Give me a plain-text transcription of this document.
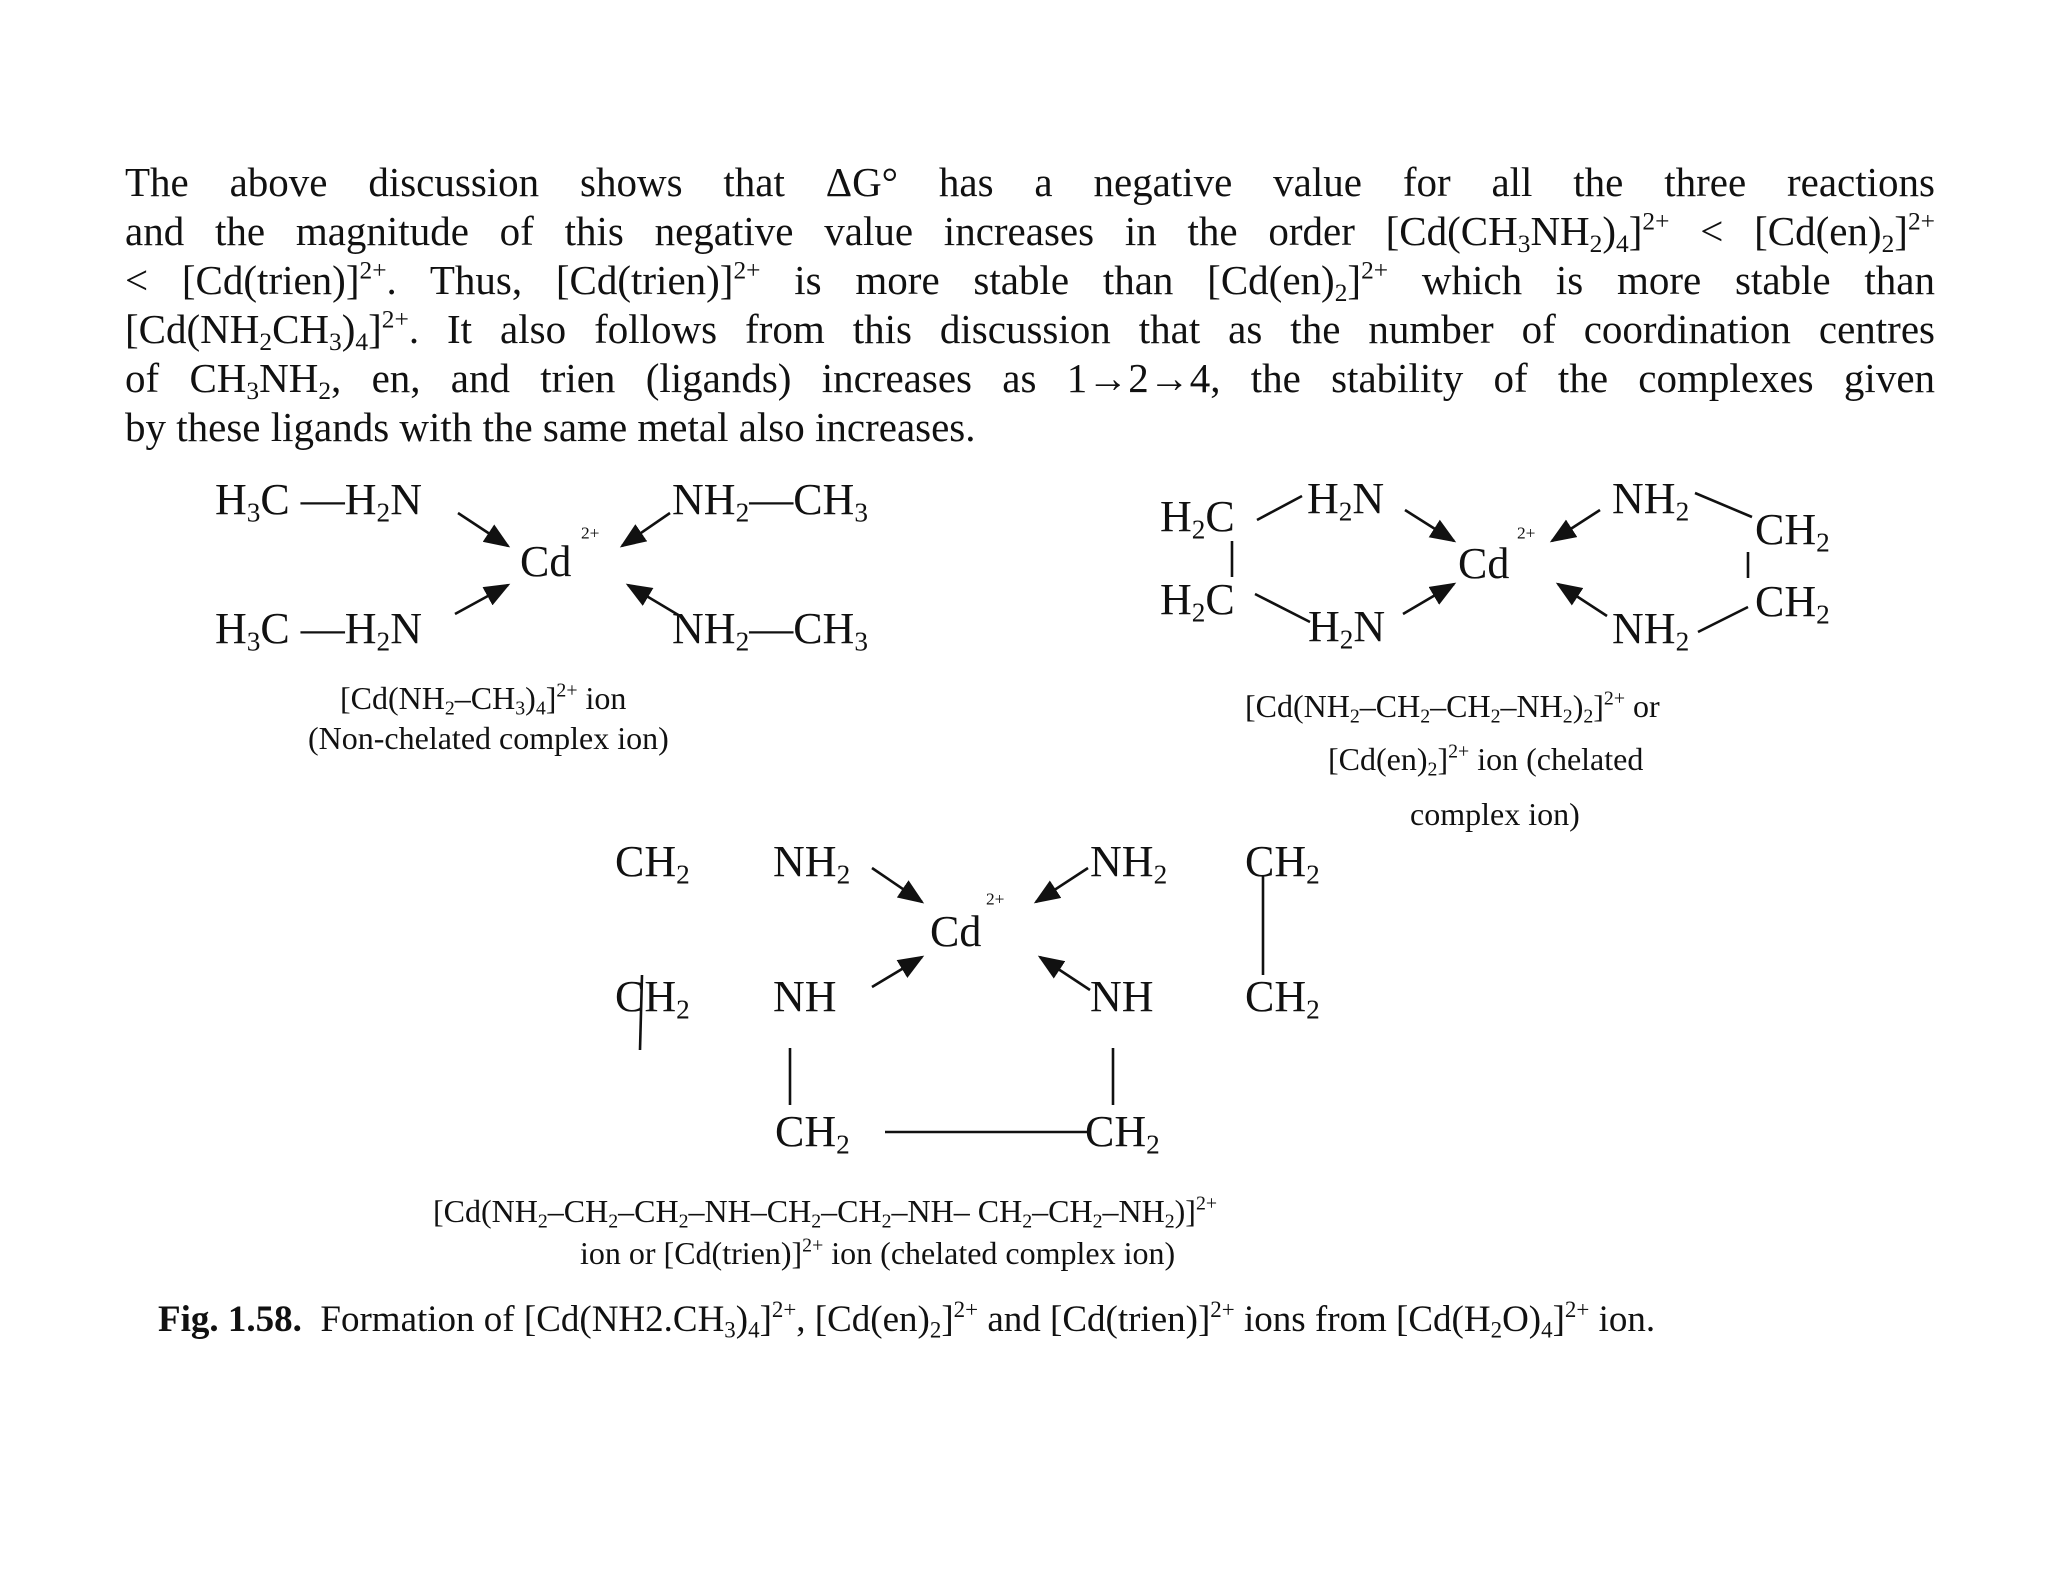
The above discussion shows that ΔG° has a negative value for all the three reactions
and the magnitude of this negative value increases in the order $[Cd(CH_3NH_2)_4]^{2+} < [Cd(en)_2]^{2+}$
< [Cd(trien)]$^{2+}$. Thus, [Cd(trien)]$^{2+}$ is more stable than $[Cd(en)_2]^{2+}$ which is more stable than
$[Cd(NH_2CH_3)_4]^{2+}$. It also follows from this discussion that as the number of coordination centres
of $CH_3NH_2$, en, and trien (ligands) increases as 1→2→4, the stability of the complexes given
by these ligands with the same metal also increases.
$H_3C$ $—H_2N$	$NH_2—CH_3$
$H_3C$ $—H_2N$	$NH_2—CH_3$
Cd
$^{2+}$
$[Cd(NH_2-CH_3)_4]^{2+}$ ion
(Non-chelated complex ion)
$H_2C$ $H_2N$
$H_2C$
$H_2N$
$NH_2$ $CH_2$
$NH_2$
$CH_2$
Cd
$^{2+}$
$[Cd(NH_2-CH_2-CH_2-NH_2)_2]^{2+}$ or
$[Cd(en)_2]^{2+}$ ion (chelated
complex ion)
$CH_2$ $NH_2$
$CH_2$ NH
$NH_2$ $CH_2$
NH $CH_2$
$CH_2$	$CH_2$
Cd
$^{2+}$
[$Cd(NH_2-CH_2-CH_2-NH-CH_2-CH_2-NH-$ $CH_2-CH_2-NH_2)]^{2+}$
ion or [Cd(trien)]$^{2+}$ ion (chelated complex ion)
Fig. 1.58. Formation of $[Cd(NH2.CH_3)_4]^{2+}$, $[Cd(en)_2]^{2+}$ and [Cd(trien)]$^{2+}$ ions from $[Cd(H_2O)_4]^{2+}$ ion.
